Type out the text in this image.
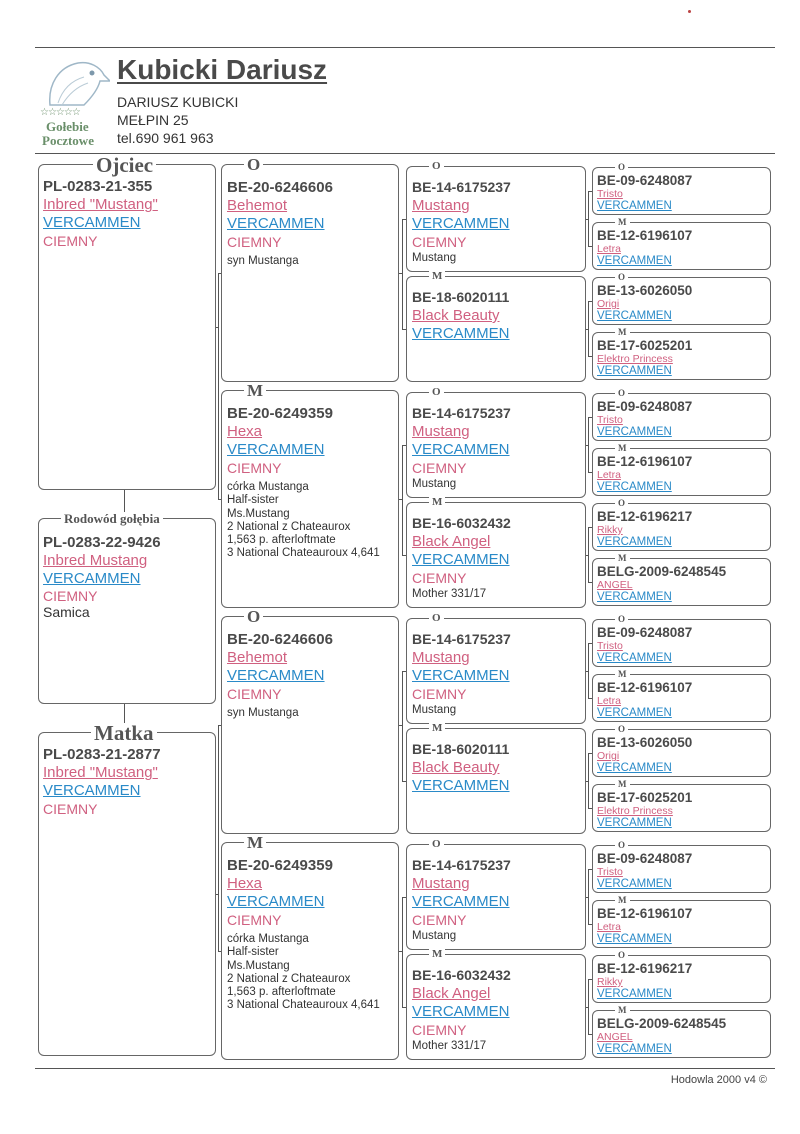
☆☆☆☆☆
Gołebie
Pocztowe
Kubicki Dariusz
DARIUSZ KUBICKI
MEŁPIN 25
tel.690 961 963
Ojciec
PL-0283-21-355
Inbred "Mustang"
VERCAMMEN
CIEMNY
Rodowód gołębia
PL-0283-22-9426
Inbred Mustang
VERCAMMEN
CIEMNY
Samica
Matka
PL-0283-21-2877
Inbred "Mustang"
VERCAMMEN
CIEMNY
O
BE-20-6246606
Behemot
VERCAMMEN
CIEMNY
syn Mustanga
M
BE-20-6249359
Hexa
VERCAMMEN
CIEMNY
córka Mustanga
Half-sister
Ms.Mustang
2 National z Chateaurox
1,563 p. afterloftmate
3 National Chateauroux 4,641
O
BE-20-6246606
Behemot
VERCAMMEN
CIEMNY
syn Mustanga
M
BE-20-6249359
Hexa
VERCAMMEN
CIEMNY
córka Mustanga
Half-sister
Ms.Mustang
2 National z Chateaurox
1,563 p. afterloftmate
3 National Chateauroux 4,641
O
BE-14-6175237
Mustang
VERCAMMEN
CIEMNY
Mustang
M
BE-18-6020111
Black Beauty
VERCAMMEN
O
BE-14-6175237
Mustang
VERCAMMEN
CIEMNY
Mustang
M
BE-16-6032432
Black Angel
VERCAMMEN
CIEMNY
Mother 331/17
O
BE-14-6175237
Mustang
VERCAMMEN
CIEMNY
Mustang
M
BE-18-6020111
Black Beauty
VERCAMMEN
O
BE-14-6175237
Mustang
VERCAMMEN
CIEMNY
Mustang
M
BE-16-6032432
Black Angel
VERCAMMEN
CIEMNY
Mother 331/17
O
BE-09-6248087
Tristo
VERCAMMEN
M
BE-12-6196107
Letra
VERCAMMEN
O
BE-13-6026050
Origi
VERCAMMEN
M
BE-17-6025201
Elektro Princess
VERCAMMEN
O
BE-09-6248087
Tristo
VERCAMMEN
M
BE-12-6196107
Letra
VERCAMMEN
O
BE-12-6196217
Rikky
VERCAMMEN
M
BELG-2009-6248545
ANGEL
VERCAMMEN
O
BE-09-6248087
Tristo
VERCAMMEN
M
BE-12-6196107
Letra
VERCAMMEN
O
BE-13-6026050
Origi
VERCAMMEN
M
BE-17-6025201
Elektro Princess
VERCAMMEN
O
BE-09-6248087
Tristo
VERCAMMEN
M
BE-12-6196107
Letra
VERCAMMEN
O
BE-12-6196217
Rikky
VERCAMMEN
M
BELG-2009-6248545
ANGEL
VERCAMMEN
Hodowla 2000 v4 ©
